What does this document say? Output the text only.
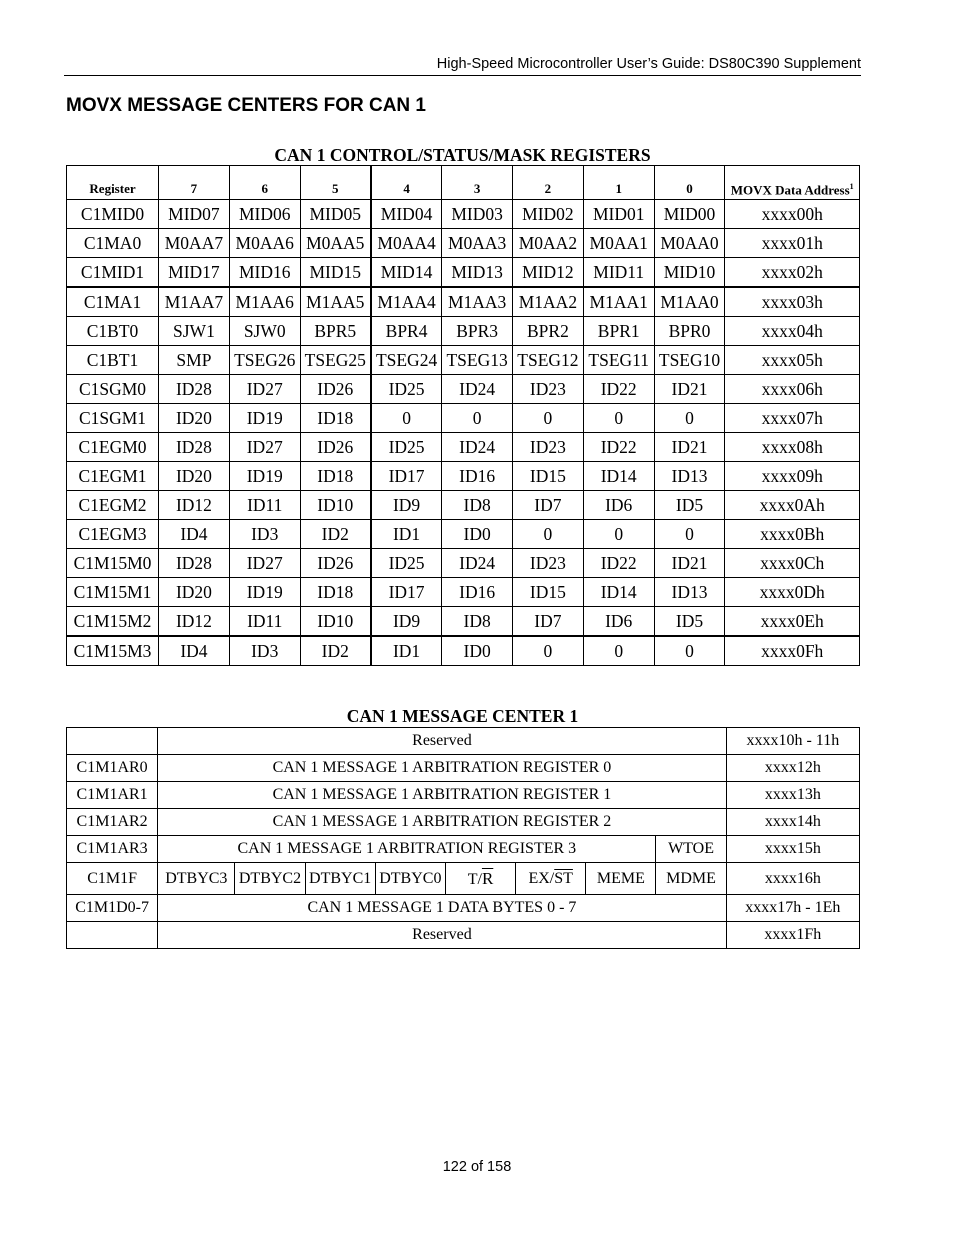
High-Speed Microcontroller User’s Guide: DS80C390 Supplement
MOVX MESSAGE CENTERS FOR CAN 1
CAN 1 CONTROL/STATUS/MASK REGISTERS
Register	7	6	5	4	3	2	1	0	MOVX Data Address$^1$
C1MID0	MID07	MID06	MID05	MID04	MID03	MID02	MID01	MID00	xxxx00h
C1MA0	M0AA7	M0AA6	M0AA5	M0AA4	M0AA3	M0AA2	M0AA1	M0AA0	xxxx01h
C1MID1	MID17	MID16	MID15	MID14	MID13	MID12	MID11	MID10	xxxx02h
C1MA1	M1AA7	M1AA6	M1AA5	M1AA4	M1AA3	M1AA2	M1AA1	M1AA0	xxxx03h
C1BT0	SJW1	SJW0	BPR5	BPR4	BPR3	BPR2	BPR1	BPR0	xxxx04h
C1BT1	SMP	TSEG26	TSEG25	TSEG24	TSEG13	TSEG12	TSEG11	TSEG10	xxxx05h
C1SGM0	ID28	ID27	ID26	ID25	ID24	ID23	ID22	ID21	xxxx06h
C1SGM1	ID20	ID19	ID18	0	0	0	0	0	xxxx07h
C1EGM0	ID28	ID27	ID26	ID25	ID24	ID23	ID22	ID21	xxxx08h
C1EGM1	ID20	ID19	ID18	ID17	ID16	ID15	ID14	ID13	xxxx09h
C1EGM2	ID12	ID11	ID10	ID9	ID8	ID7	ID6	ID5	xxxx0Ah
C1EGM3	ID4	ID3	ID2	ID1	ID0	0	0	0	xxxx0Bh
C1M15M0	ID28	ID27	ID26	ID25	ID24	ID23	ID22	ID21	xxxx0Ch
C1M15M1	ID20	ID19	ID18	ID17	ID16	ID15	ID14	ID13	xxxx0Dh
C1M15M2	ID12	ID11	ID10	ID9	ID8	ID7	ID6	ID5	xxxx0Eh
C1M15M3	ID4	ID3	ID2	ID1	ID0	0	0	0	xxxx0Fh
CAN 1 MESSAGE CENTER 1
	Reserved								xxxx10h - 11h
C1M1AR0	CAN 1 MESSAGE 1 ARBITRATION REGISTER 0								xxxx12h
C1M1AR1	CAN 1 MESSAGE 1 ARBITRATION REGISTER 1								xxxx13h
C1M1AR2	CAN 1 MESSAGE 1 ARBITRATION REGISTER 2								xxxx14h
C1M1AR3	CAN 1 MESSAGE 1 ARBITRATION REGISTER 3							WTOE	xxxx15h
C1M1F	DTBYC3	DTBYC2	DTBYC1	DTBYC0	$T/\overline{R}$	$EX/\overline{ST}$	MEME	MDME	xxxx16h
C1M1D0-7	CAN 1 MESSAGE 1 DATA BYTES 0 - 7								xxxx17h - 1Eh
	Reserved								xxxx1Fh
122 of 158
